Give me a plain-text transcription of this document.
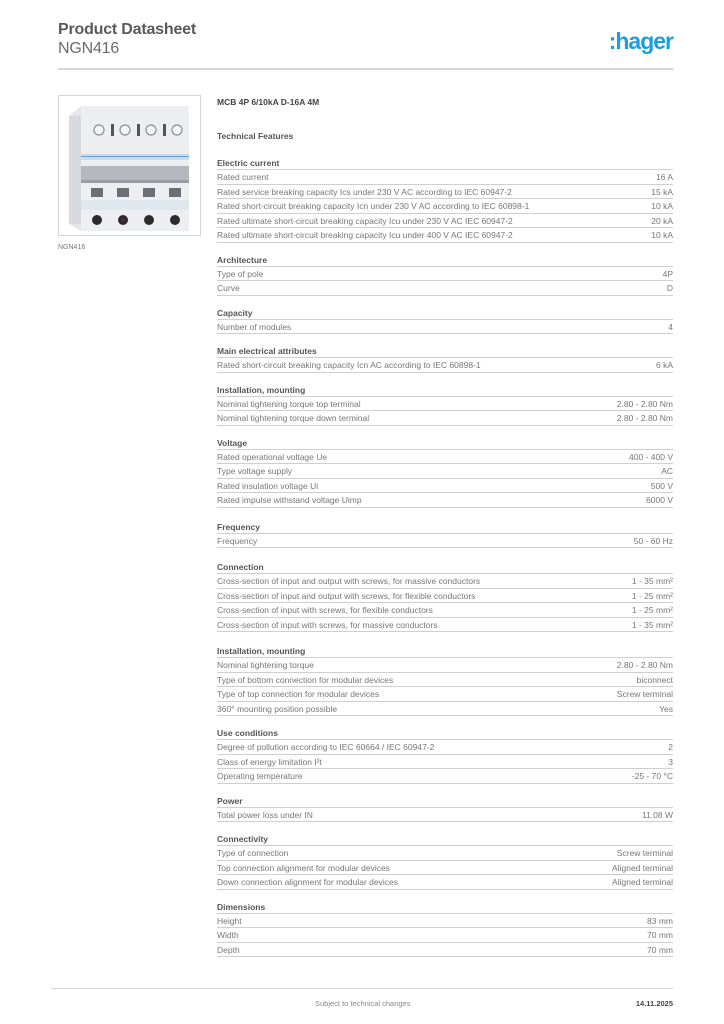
Product Datasheet
NGN416	:hager
NGN416
MCB 4P 6/10kA D-16A 4M
Technical Features
Electric current
Rated current	16 A
Rated service breaking capacity Ics under 230 V AC according to IEC 60947-2	15 kA
Rated short-circuit breaking capacity Icn under 230 V AC according to IEC 60898-1	10 kA
Rated ultimate short-circuit breaking capacity Icu under 230 V AC IEC 60947-2	20 kA
Rated ultimate short-circuit breaking capacity Icu under 400 V AC IEC 60947-2	10 kA
Architecture
Type of pole	4P
Curve	D
Capacity
Number of modules	4
Main electrical attributes
Rated short-circuit breaking capacity Icn AC according to IEC 60898-1	6 kA
Installation, mounting
Nominal tightening torque top terminal	2.80 - 2.80 Nm
Nominal tightening torque down terminal	2.80 - 2.80 Nm
Voltage
Rated operational voltage Ue	400 - 400 V
Type voltage supply	AC
Rated insulation voltage Ui	500 V
Rated impulse withstand voltage Uimp	6000 V
Frequency
Frequency	50 - 60 Hz
Connection
Cross-section of input and output with screws, for massive conductors	1 - 35 mm²
Cross-section of input and output with screws, for flexible conductors	1 - 25 mm²
Cross-section of input with screws, for flexible conductors	1 - 25 mm²
Cross-section of input with screws, for massive conductors	1 - 35 mm²
Installation, mounting
Nominal tightening torque	2.80 - 2.80 Nm
Type of bottom connection for modular devices	biconnect
Type of top connection for modular devices	Screw terminal
360° mounting position possible	Yes
Use conditions
Degree of pollution according to IEC 60664 / IEC 60947-2	2
Class of energy limitation I²t	3
Operating temperature	-25 - 70 °C
Power
Total power loss under IN	11.08 W
Connectivity
Type of connection	Screw terminal
Top connection alignment for modular devices	Aligned terminal
Down connection alignment for modular devices	Aligned terminal
Dimensions
Height	83 mm
Width	70 mm
Depth	70 mm
Subject to technical changes	14.11.2025
